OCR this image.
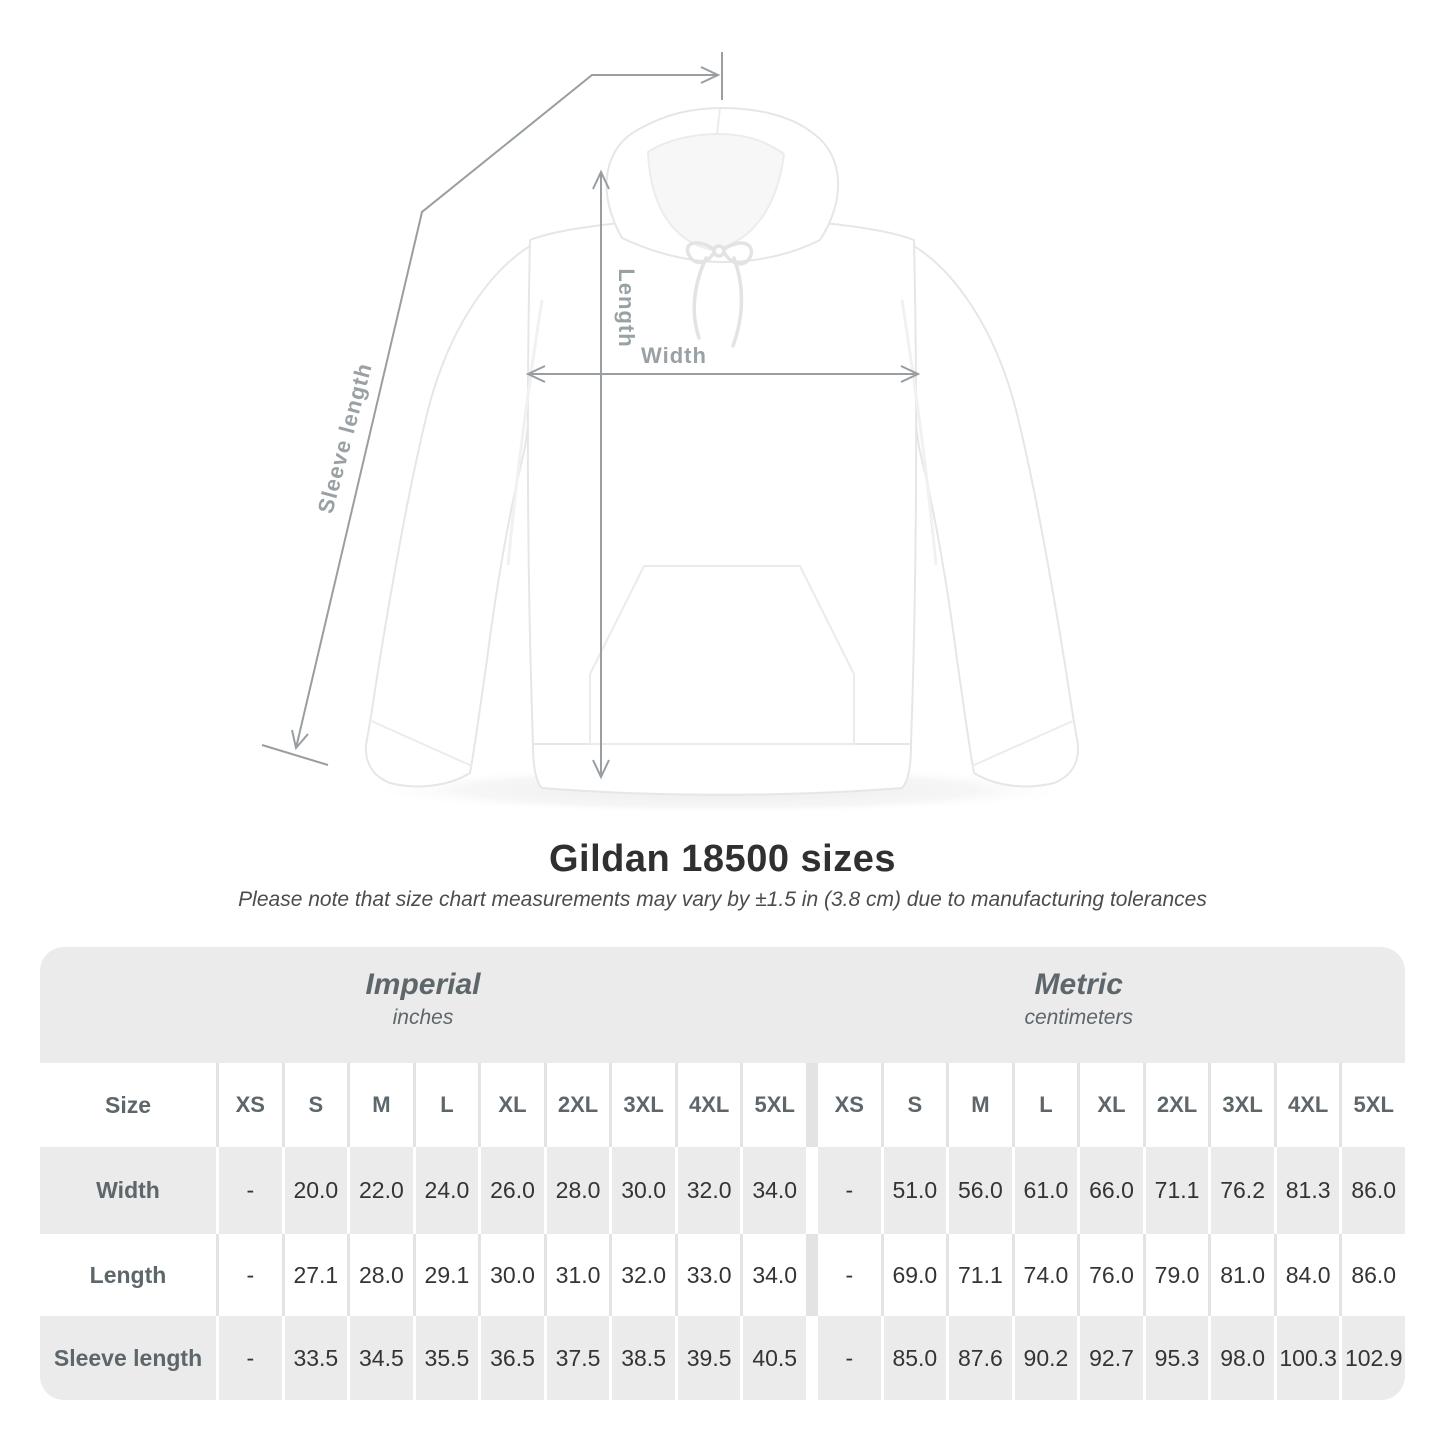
Width
Length
Sleeve length
Gildan 18500 sizes

Please note that size chart measurements may vary by ±1.5 in (3.8 cm) due to manufacturing tolerances

Imperial
inches
Metric
centimeters
Size	XS	S	M	L	XL	2XL	3XL	4XL	5XL	XS	S	M	L	XL	2XL	3XL	4XL	5XL
Width	-	20.0 22.0 24.0 26.0 28.0 30.0 32.0 34.0	-	51.0 56.0 61.0 66.0 71.1 76.2 81.3 86.0
Length	-	27.1 28.0 29.1 30.0 31.0 32.0 33.0 34.0	-	69.0 71.1 74.0 76.0 79.0 81.0 84.0 86.0
Sleeve length	-	33.5 34.5 35.5 36.5 37.5 38.5 39.5 40.5	-	85.0 87.6 90.2 92.7 95.3 98.0 100.3 102.9
